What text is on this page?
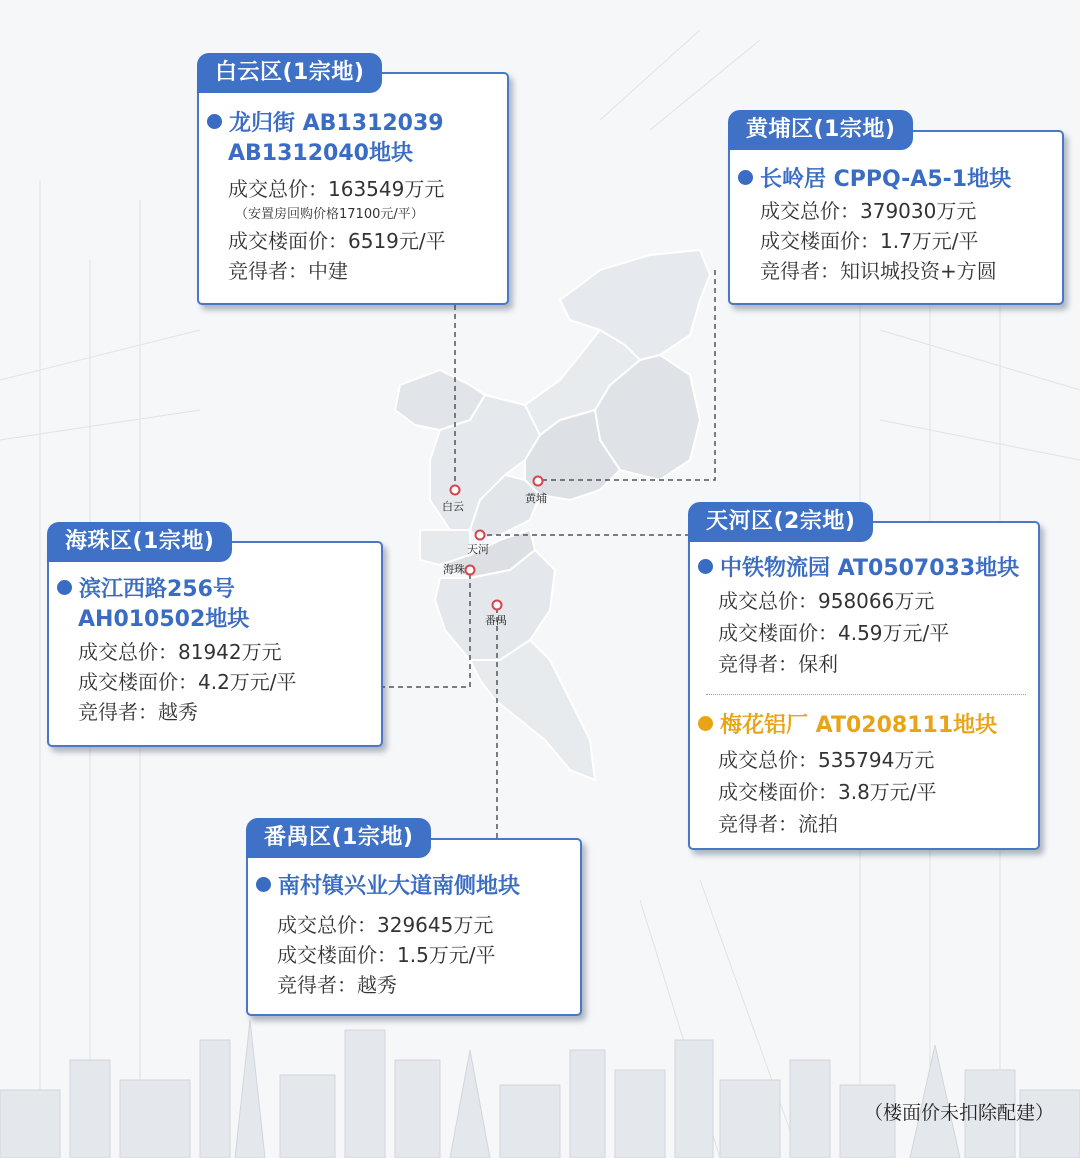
白云
黄埔
天河
海珠
番禺
龙归街 AB1312039
AB1312040地块
成交总价：163549万元
（安置房回购价格17100元/平）
成交楼面价：6519元/平
竞得者：中建
白云区(1宗地)
长岭居 CPPQ-A5-1地块
成交总价：379030万元
成交楼面价：1.7万元/平
竞得者：知识城投资+方圆
黄埔区(1宗地)
滨江西路256号
AH010502地块
成交总价：81942万元
成交楼面价：4.2万元/平
竞得者：越秀
海珠区(1宗地)
中铁物流园 AT0507033地块
成交总价：958066万元
成交楼面价：4.59万元/平
竞得者：保利
梅花铝厂 AT0208111地块
成交总价：535794万元
成交楼面价：3.8万元/平
竞得者：流拍
天河区(2宗地)
南村镇兴业大道南侧地块
成交总价：329645万元
成交楼面价：1.5万元/平
竞得者：越秀
番禺区(1宗地)
（楼面价未扣除配建）
